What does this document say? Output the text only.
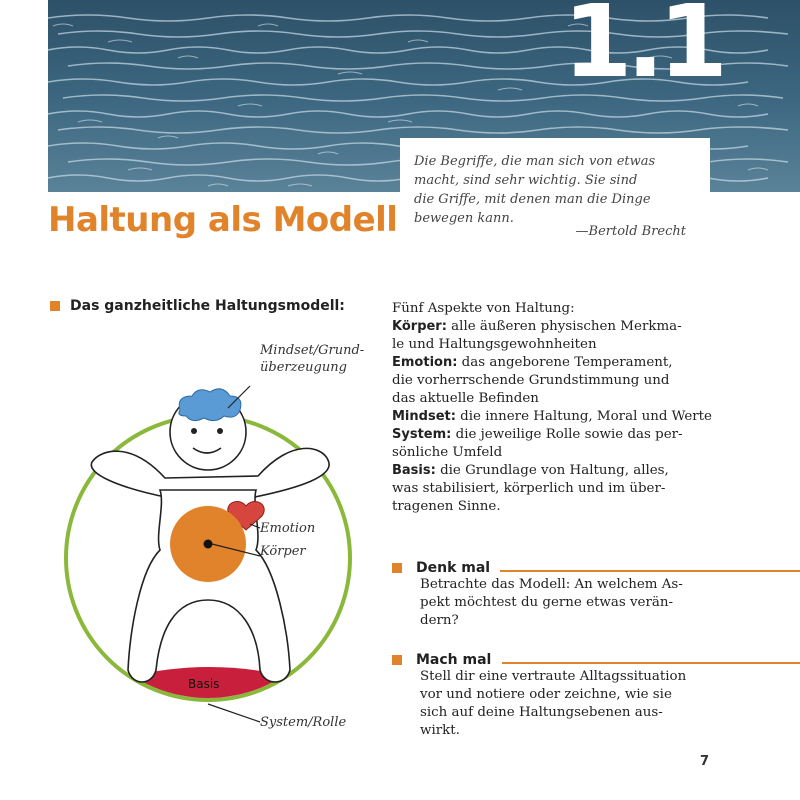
1.1
Die Begriffe, die man sich von etwas
macht, sind sehr wichtig. Sie sind
die Griffe, mit denen man die Dinge
bewegen kann.
—Bertold Brecht
Haltung als Modell
Das ganzheitliche Haltungsmodell:
Mindset/Grund-
überzeugung
Emotion
Körper
Basis
System/Rolle

Fünf Aspekte von Haltung:

Körper: alle äußeren physischen Merkma-
le und Haltungsgewohnheiten

Emotion: das angeborene Temperament,
die vorherrschende Grundstimmung und
das aktuelle Befinden

Mindset: die innere Haltung, Moral und Werte

System: die jeweilige Rolle sowie das per-
sönliche Umfeld

Basis: die Grundlage von Haltung, alles,
was stabilisiert, körperlich und im über-
tragenen Sinne.

Denk mal
Betrachte das Modell: An welchem As-
pekt möchtest du gerne etwas verän-
dern?
Mach mal
Stell dir eine vertraute Alltagssituation
vor und notiere oder zeichne, wie sie
sich auf deine Haltungsebenen aus-
wirkt.
7
